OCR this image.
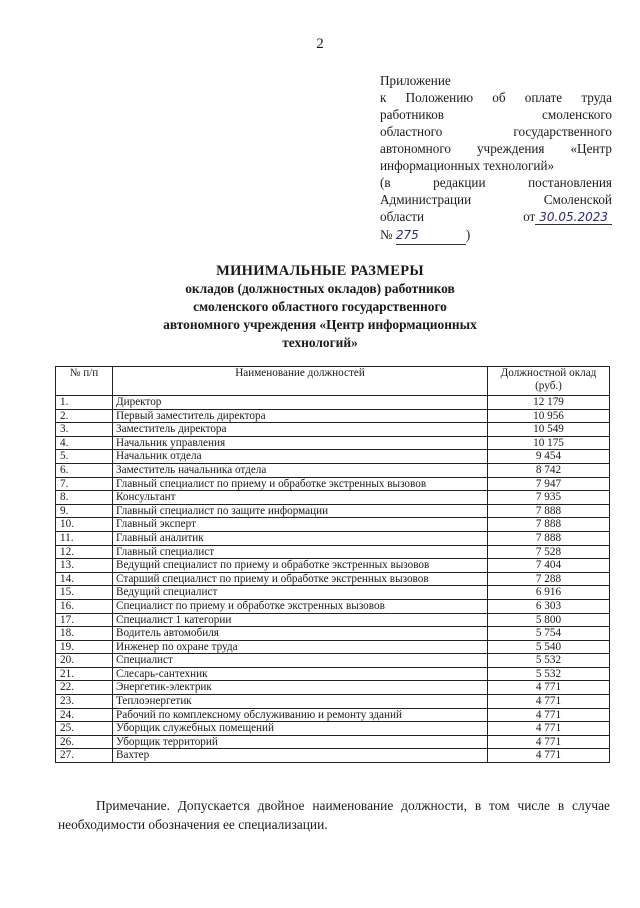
2
Приложение
к Положению об оплате труда
работников смоленского
областного государственного
автономного учреждения «Центр
информационных технологий»
(в редакции постановления
Администрации Смоленской
области	от 30.05.2023
№ 275	)
МИНИМАЛЬНЫЕ РАЗМЕРЫ
окладов (должностных окладов) работников
смоленского областного государственного
автономного учреждения «Центр информационных
технологий»
№ п/п	Наименование должностей	Должностной оклад (руб.)
1.	Директор	12 179
2.	Первый заместитель директора	10 956
3.	Заместитель директора	10 549
4.	Начальник управления	10 175
5.	Начальник отдела	9 454
6.	Заместитель начальника отдела	8 742
7.	Главный специалист по приему и обработке экстренных вызовов	7 947
8.	Консультант	7 935
9.	Главный специалист по защите информации	7 888
10.	Главный эксперт	7 888
11.	Главный аналитик	7 888
12.	Главный специалист	7 528
13.	Ведущий специалист по приему и обработке экстренных вызовов	7 404
14.	Старший специалист по приему и обработке экстренных вызовов	7 288
15.	Ведущий специалист	6 916
16.	Специалист по приему и обработке экстренных вызовов	6 303
17.	Специалист 1 категории	5 800
18.	Водитель автомобиля	5 754
19.	Инженер по охране труда	5 540
20.	Специалист	5 532
21.	Слесарь-сантехник	5 532
22.	Энергетик-электрик	4 771
23.	Теплоэнергетик	4 771
24.	Рабочий по комплексному обслуживанию и ремонту зданий	4 771
25.	Уборщик служебных помещений	4 771
26.	Уборщик территорий	4 771
27.	Вахтер	4 771
Примечание. Допускается двойное наименование должности, в том числе в случае необходимости обозначения ее специализации.
